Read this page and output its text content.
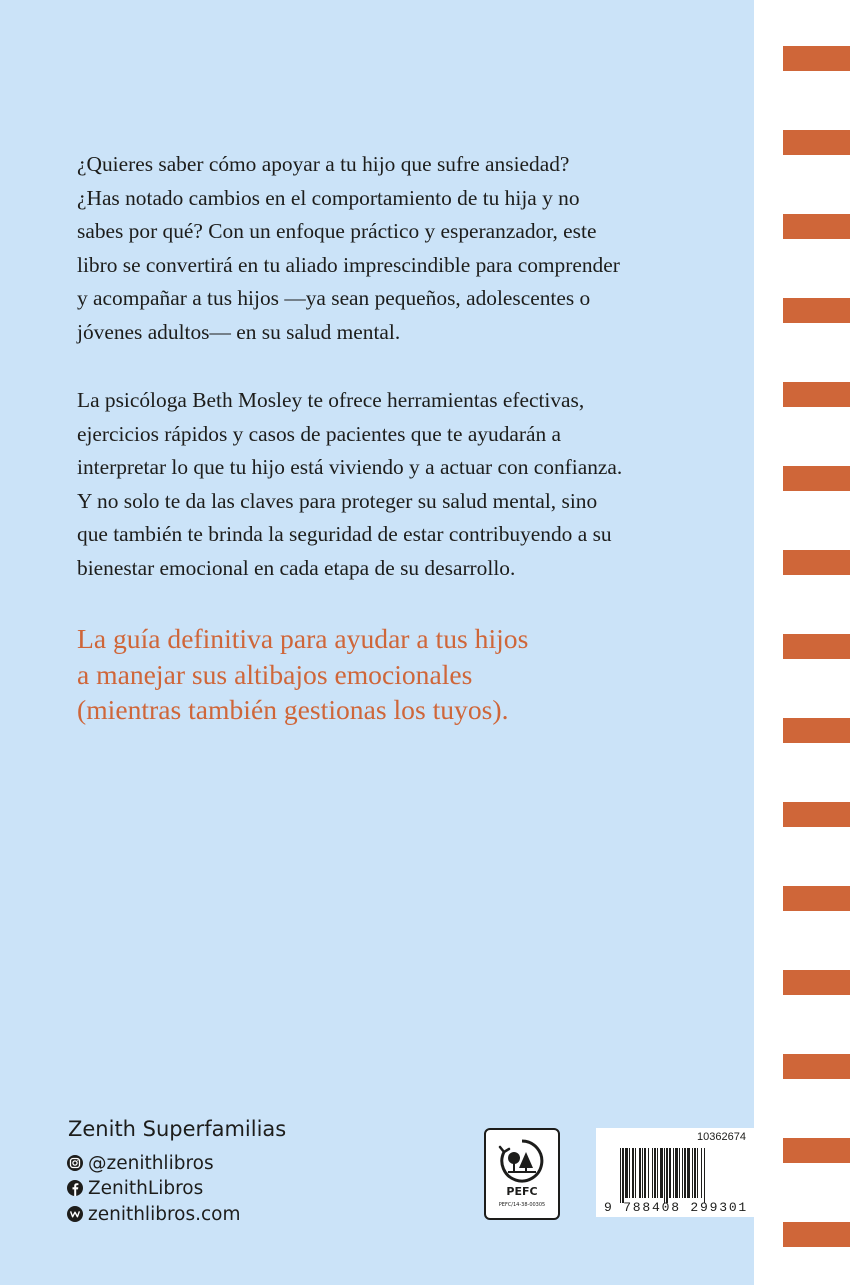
¿Quieres saber cómo apoyar a tu hijo que sufre ansiedad?
¿Has notado cambios en el comportamiento de tu hija y no
sabes por qué? Con un enfoque práctico y esperanzador, este
libro se convertirá en tu aliado imprescindible para comprender
y acompañar a tus hijos —ya sean pequeños, adolescentes o
jóvenes adultos— en su salud mental.
La psicóloga Beth Mosley te ofrece herramientas efectivas,
ejercicios rápidos y casos de pacientes que te ayudarán a
interpretar lo que tu hijo está viviendo y a actuar con confianza.
Y no solo te da las claves para proteger su salud mental, sino
que también te brinda la seguridad de estar contribuyendo a su
bienestar emocional en cada etapa de su desarrollo.
La guía definitiva para ayudar a tus hijos
a manejar sus altibajos emocionales
(mientras también gestionas los tuyos).
Zenith Superfamilias
@zenithlibros
ZenithLibros
zenithlibros.com
PEFC
PEFC/14-38-00305
10362674
9 788408 299301
